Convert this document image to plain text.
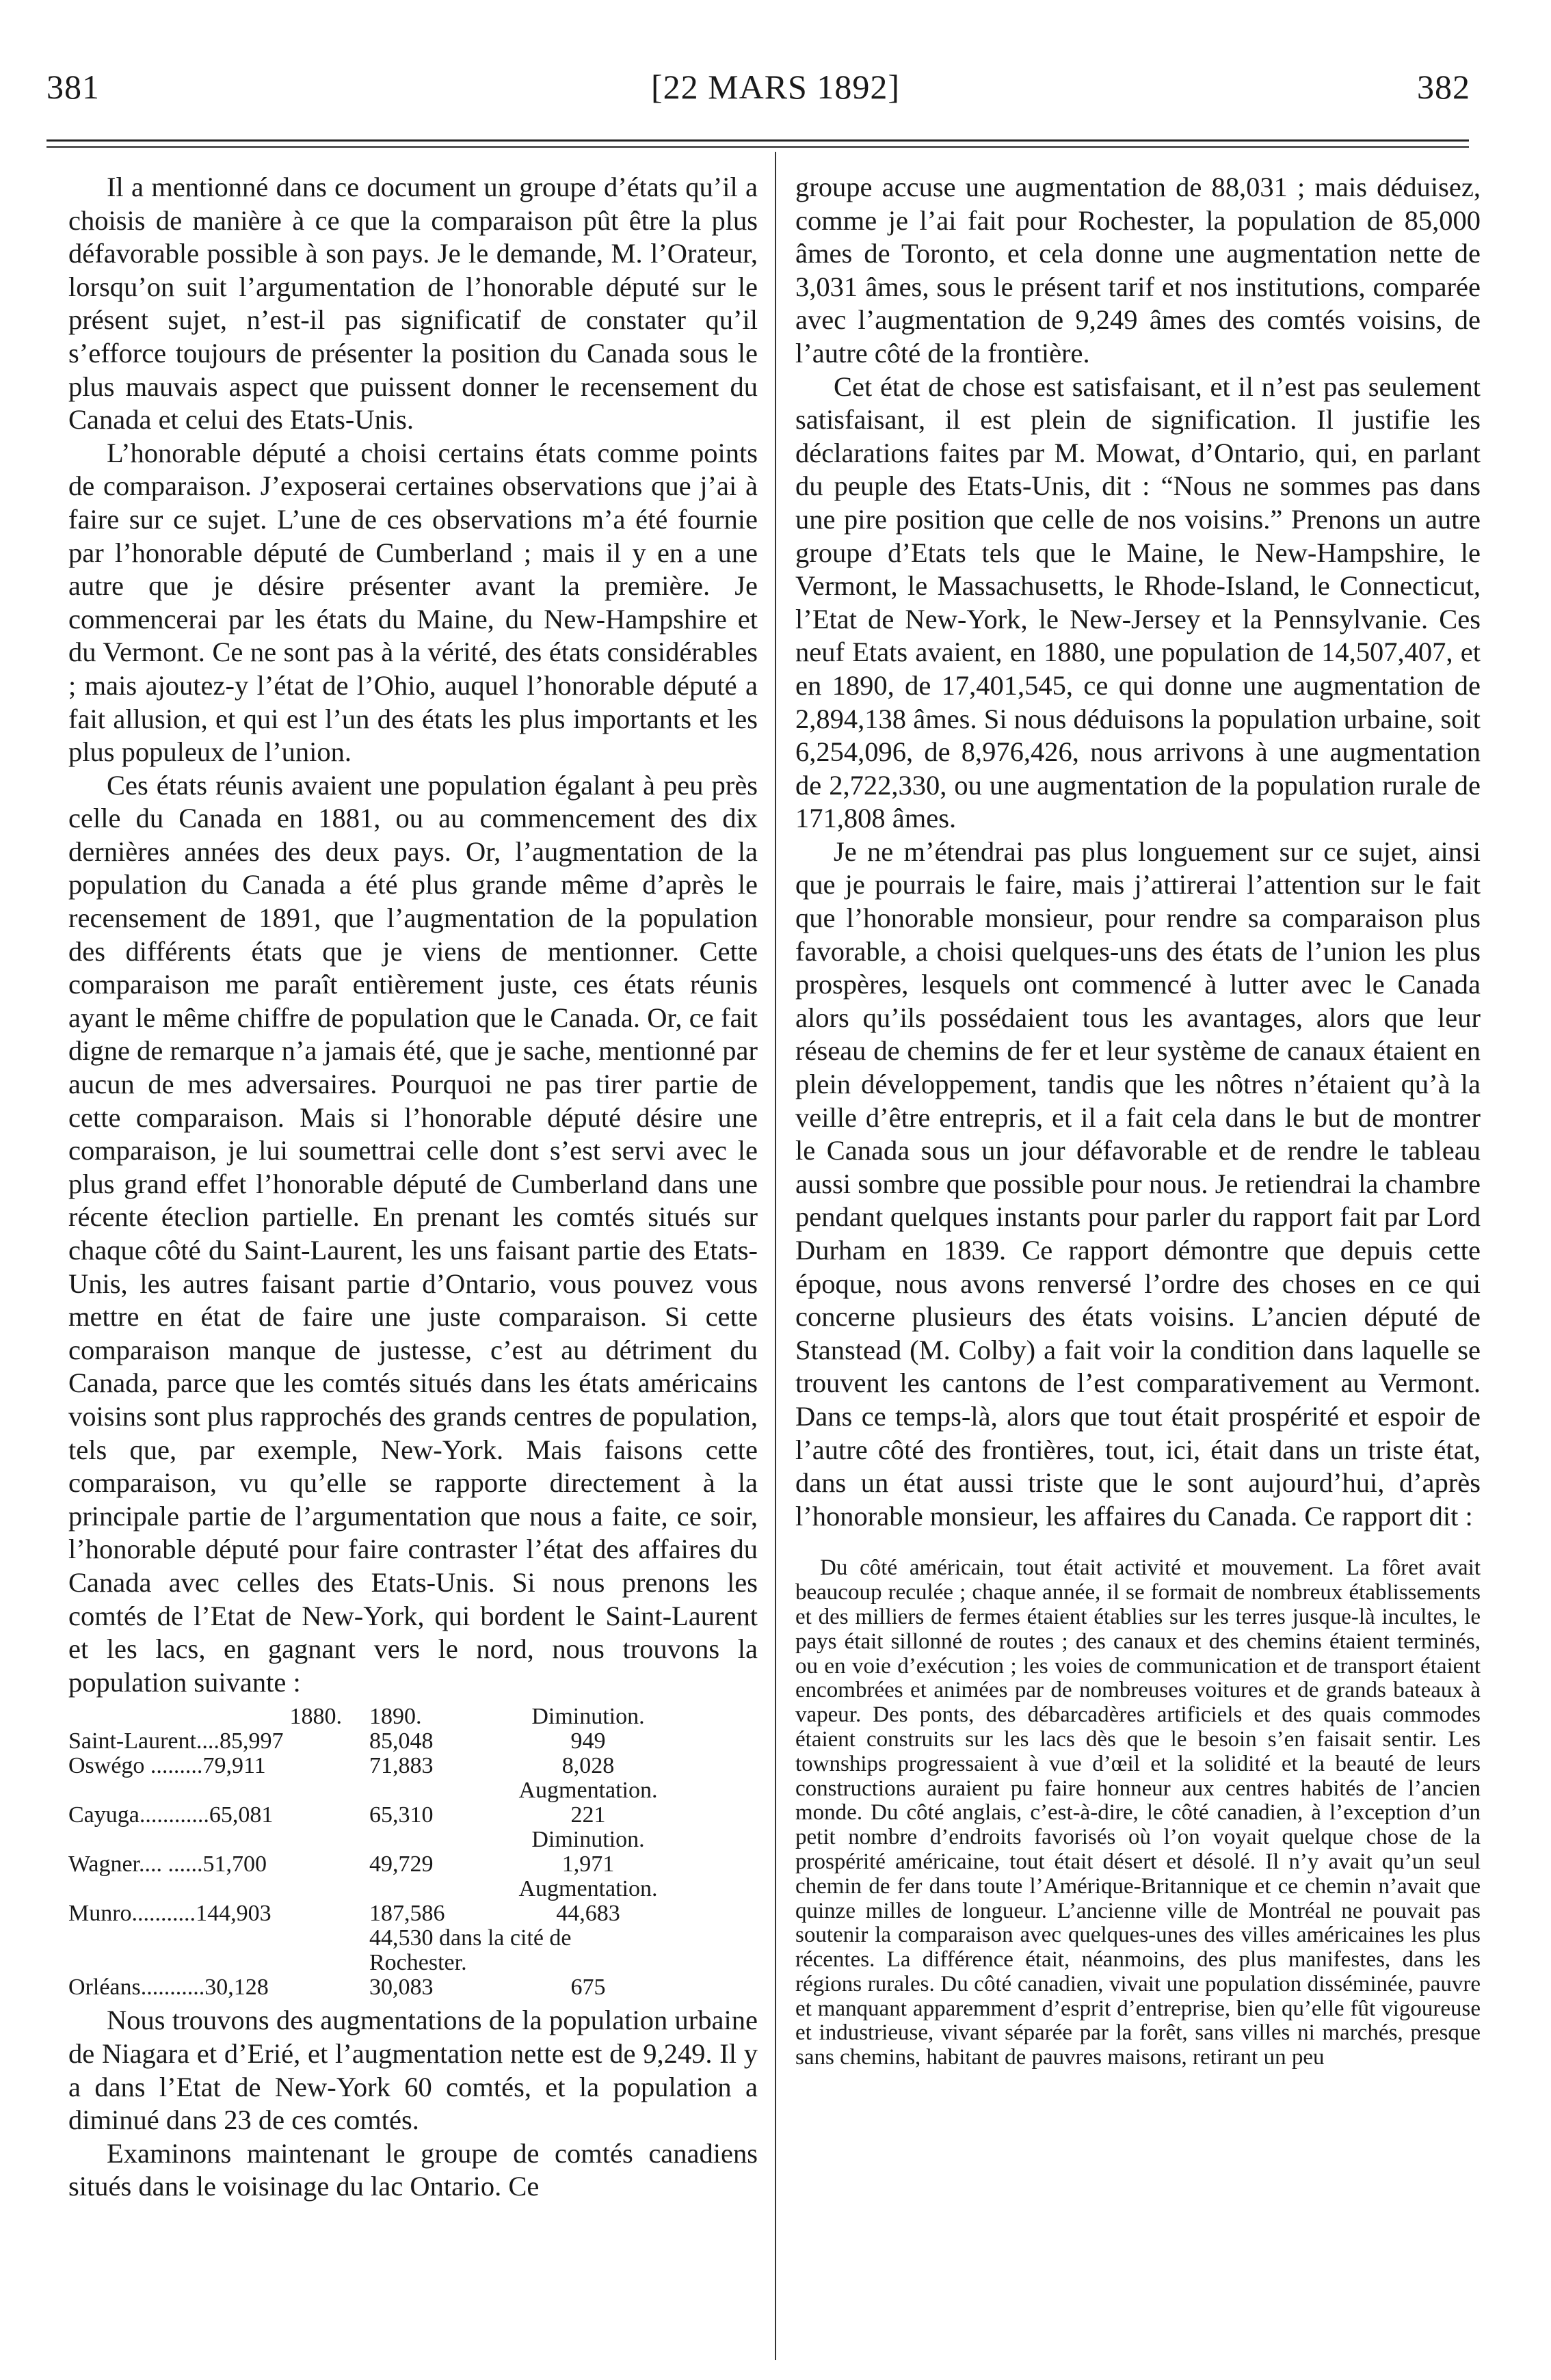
381	[22 MARS 1892]	382

Il a mentionné dans ce document un groupe d’états qu’il a choisis de manière à ce que la comparaison pût être la plus défavorable possible à son pays. Je le demande, M. l’Orateur, lorsqu’on suit l’argumentation de l’honorable député sur le présent sujet, n’est-il pas significatif de constater qu’il s’efforce toujours de présenter la position du Canada sous le plus mauvais aspect que puissent donner le recensement du Canada et celui des Etats-Unis.

L’honorable député a choisi certains états comme points de comparaison. J’exposerai certaines observations que j’ai à faire sur ce sujet. L’une de ces observations m’a été fournie par l’honorable député de Cumberland ; mais il y en a une autre que je désire présenter avant la première. Je commencerai par les états du Maine, du New-Hampshire et du Vermont. Ce ne sont pas à la vérité, des états considérables ; mais ajoutez-y l’état de l’Ohio, auquel l’honorable député a fait allusion, et qui est l’un des états les plus importants et les plus populeux de l’union.

Ces états réunis avaient une population égalant à peu près celle du Canada en 1881, ou au commencement des dix dernières années des deux pays. Or, l’augmentation de la population du Canada a été plus grande même d’après le recensement de 1891, que l’augmentation de la population des différents états que je viens de mentionner. Cette comparaison me paraît entièrement juste, ces états réunis ayant le même chiffre de population que le Canada. Or, ce fait digne de remarque n’a jamais été, que je sache, mentionné par aucun de mes adversaires. Pourquoi ne pas tirer partie de cette comparaison. Mais si l’honorable député désire une comparaison, je lui soumettrai celle dont s’est servi avec le plus grand effet l’honorable député de Cumberland dans une récente éteclion partielle. En prenant les comtés situés sur chaque côté du Saint-Laurent, les uns faisant partie des Etats-Unis, les autres faisant partie d’Ontario, vous pouvez vous mettre en état de faire une juste comparaison. Si cette comparaison manque de justesse, c’est au détriment du Canada, parce que les comtés situés dans les états américains voisins sont plus rapprochés des grands centres de population, tels que, par exemple, New-York. Mais faisons cette comparaison, vu qu’elle se rapporte directement à la principale partie de l’argumentation que nous a faite, ce soir, l’honorable député pour faire contraster l’état des affaires du Canada avec celles des Etats-Unis. Si nous prenons les comtés de l’Etat de New-York, qui bordent le Saint-Laurent et les lacs, en gagnant vers le nord, nous trouvons la population suivante :

1880.	1890.	Diminution.
Saint-Laurent....85,997	85,048	949
Oswégo .........79,911	71,883	8,028
Augmentation.
Cayuga............65,081	65,310	221
Diminution.
Wagner.... ......51,700	49,729	1,971
Augmentation.
Munro...........144,903	187,586	44,683
44,530 dans la cité de
Rochester.
Orléans...........30,128	30,083	675

Nous trouvons des augmentations de la population urbaine de Niagara et d’Erié, et l’augmentation nette est de 9,249. Il y a dans l’Etat de New-York 60 comtés, et la population a diminué dans 23 de ces comtés.

Examinons maintenant le groupe de comtés canadiens situés dans le voisinage du lac Ontario. Ce

groupe accuse une augmentation de 88,031 ; mais déduisez, comme je l’ai fait pour Rochester, la population de 85,000 âmes de Toronto, et cela donne une augmentation nette de 3,031 âmes, sous le présent tarif et nos institutions, comparée avec l’augmentation de 9,249 âmes des comtés voisins, de l’autre côté de la frontière.

Cet état de chose est satisfaisant, et il n’est pas seulement satisfaisant, il est plein de signification. Il justifie les déclarations faites par M. Mowat, d’Ontario, qui, en parlant du peuple des Etats-Unis, dit : “Nous ne sommes pas dans une pire position que celle de nos voisins.” Prenons un autre groupe d’Etats tels que le Maine, le New-Hampshire, le Vermont, le Massachusetts, le Rhode-Island, le Connecticut, l’Etat de New-York, le New-Jersey et la Pennsylvanie. Ces neuf Etats avaient, en 1880, une population de 14,507,407, et en 1890, de 17,401,545, ce qui donne une augmentation de 2,894,138 âmes. Si nous déduisons la population urbaine, soit 6,254,096, de 8,976,426, nous arrivons à une augmentation de 2,722,330, ou une augmentation de la population rurale de 171,808 âmes.

Je ne m’étendrai pas plus longuement sur ce sujet, ainsi que je pourrais le faire, mais j’attirerai l’attention sur le fait que l’honorable monsieur, pour rendre sa comparaison plus favorable, a choisi quelques-uns des états de l’union les plus prospères, lesquels ont commencé à lutter avec le Canada alors qu’ils possédaient tous les avantages, alors que leur réseau de chemins de fer et leur système de canaux étaient en plein développement, tandis que les nôtres n’étaient qu’à la veille d’être entrepris, et il a fait cela dans le but de montrer le Canada sous un jour défavorable et de rendre le tableau aussi sombre que possible pour nous. Je retiendrai la chambre pendant quelques instants pour parler du rapport fait par Lord Durham en 1839. Ce rapport démontre que depuis cette époque, nous avons renversé l’ordre des choses en ce qui concerne plusieurs des états voisins. L’ancien député de Stanstead (M. Colby) a fait voir la condition dans laquelle se trouvent les cantons de l’est comparativement au Vermont. Dans ce temps-là, alors que tout était prospérité et espoir de l’autre côté des frontières, tout, ici, était dans un triste état, dans un état aussi triste que le sont aujourd’hui, d’après l’honorable monsieur, les affaires du Canada. Ce rapport dit :

Du côté américain, tout était activité et mouvement. La fôret avait beaucoup reculée ; chaque année, il se formait de nombreux établissements et des milliers de fermes étaient établies sur les terres jusque-là incultes, le pays était sillonné de routes ; des canaux et des chemins étaient terminés, ou en voie d’exécution ; les voies de communication et de transport étaient encombrées et animées par de nombreuses voitures et de grands bateaux à vapeur. Des ponts, des débarcadères artificiels et des quais commodes étaient construits sur les lacs dès que le besoin s’en faisait sentir. Les townships progressaient à vue d’œil et la solidité et la beauté de leurs constructions auraient pu faire honneur aux centres habités de l’ancien monde. Du côté anglais, c’est-à-dire, le côté canadien, à l’exception d’un petit nombre d’endroits favorisés où l’on voyait quelque chose de la prospérité américaine, tout était désert et désolé. Il n’y avait qu’un seul chemin de fer dans toute l’Amérique-Britannique et ce chemin n’avait que quinze milles de longueur. L’ancienne ville de Montréal ne pouvait pas soutenir la comparaison avec quelques-unes des villes américaines les plus récentes. La différence était, néanmoins, des plus manifestes, dans les régions rurales. Du côté canadien, vivait une population disséminée, pauvre et manquant apparemment d’esprit d’entreprise, bien qu’elle fût vigoureuse et industrieuse, vivant séparée par la forêt, sans villes ni marchés, presque sans chemins, habitant de pauvres maisons, retirant un peu
